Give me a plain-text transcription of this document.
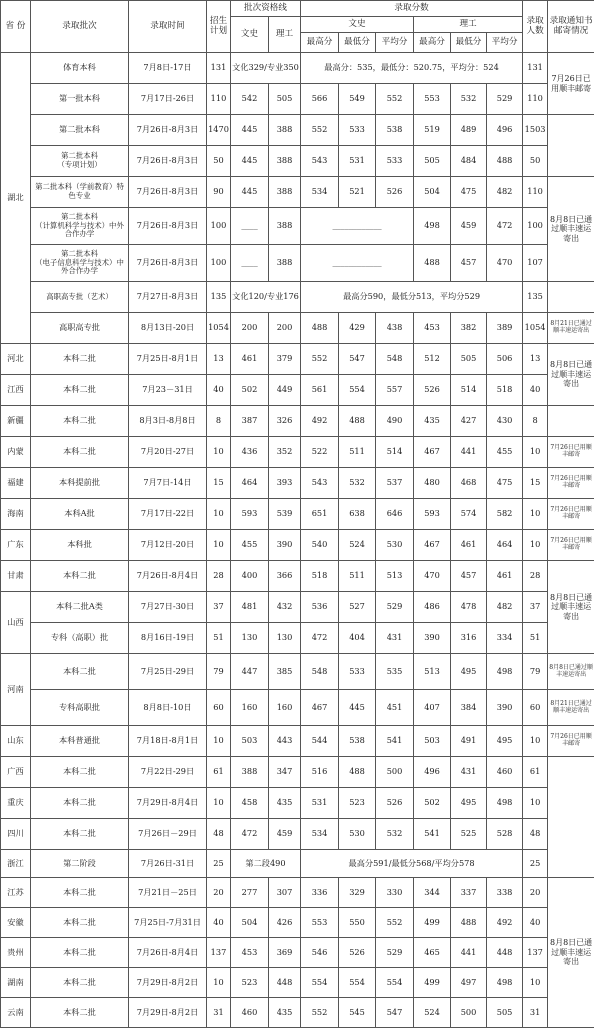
省 份	录取批次	录取时间	招生计划	批次资格线		录取分数						录取人数	录取通知书邮寄情况
				文史	理工	文史			理工				
						最高分	最低分	平均分	最高分	最低分	平均分		
湖北	体育本科	7月8日-17日	131	文化329/专业350		最高分：535，最低分：520.75，平均分：524						131	7月26日已用顺丰邮寄
	第一批本科	7月17日-26日	110	542	505	566	549	552	553	532	529	110	
	第二批本科	7月26日-8月3日	1470	445	388	552	533	538	519	489	496	1503	
	第二批本科
（专项计划）	7月26日-8月3日	50	445	388	543	531	533	505	484	488	50	
	第二批本科（学前教育）特色专业	7月26日-8月3日	90	445	388	534	521	526	504	475	482	110	8月8日已通过顺丰速运寄出
	第二批本科
（计算机科学与技术）中外合作办学	7月26日-8月3日	100	____	388	____________			498	459	472	100	
	第二批本科
（电子信息科学与技术）中外合作办学	7月26日-8月3日	100	____	388	____________			488	457	470	107	
	高职高专批（艺术）	7月27日-8月3日	135	文化120/专业176		最高分590，最低分513，平均分529						135	
	高职高专批	8月13日-20日	1054	200	200	488	429	438	453	382	389	1054	8月21日已通过顺丰速运寄出
河北	本科二批	7月25日-8月1日	13	461	379	552	547	548	512	505	506	13	8月8日已通过顺丰速运寄出
江西	本科二批	7月23－31日	40	502	449	561	554	557	526	514	518	40	
新疆	本科二批	8月3日-8月8日	8	387	326	492	488	490	435	427	430	8	
内蒙	本科二批	7月20日-27日	10	436	352	522	511	514	467	441	455	10	7月26日已用顺丰邮寄
福建	本科提前批	7月7日-14日	15	464	393	543	532	537	480	468	475	15	7月26日已用顺丰邮寄
海南	本科A批	7月17日-22日	10	593	539	651	638	646	593	574	582	10	7月26日已用顺丰邮寄
广东	本科批	7月12日-20日	10	455	390	540	524	530	467	461	464	10	7月26日已用顺丰邮寄
甘肃	本科二批	7月26日-8月4日	28	400	366	518	511	513	470	457	461	28	8月8日已通过顺丰速运寄出
山西	本科二批A类	7月27日-30日	37	481	432	536	527	529	486	478	482	37	
	专科（高职）批	8月16日-19日	51	130	130	472	404	431	390	316	334	51	
河南	本科二批	7月25日-29日	79	447	385	548	533	535	513	495	498	79	8月8日已通过顺丰速运寄出
	专科高职批	8月8日-10日	60	160	160	467	445	451	407	384	390	60	8月21日已通过顺丰速运寄出
山东	本科普通批	7月18日-8月1日	10	503	443	544	538	541	503	491	495	10	7月26日已用顺丰邮寄
广西	本科二批	7月22日-29日	61	388	347	516	488	500	496	431	460	61	
重庆	本科二批	7月29日-8月4日	10	458	435	531	523	526	502	495	498	10	
四川	本科二批	7月26日－29日	48	472	459	534	530	532	541	525	528	48	
浙江	第二阶段	7月26日-31日	25	第二段490		最高分591/最低分568/平均分578						25	
江苏	本科二批	7月21日－25日	20	277	307	336	329	330	344	337	338	20	8月8日已通过顺丰速运寄出
安徽	本科二批	7月25日-7月31日	40	504	426	553	550	552	499	488	492	40	
贵州	本科二批	7月26日-8月4日	137	453	369	546	526	529	465	441	448	137	
湖南	本科二批	7月29日-8月2日	10	523	448	554	554	554	499	497	498	10	
云南	本科二批	7月29日-8月2日	31	460	435	552	545	547	524	500	505	31	
